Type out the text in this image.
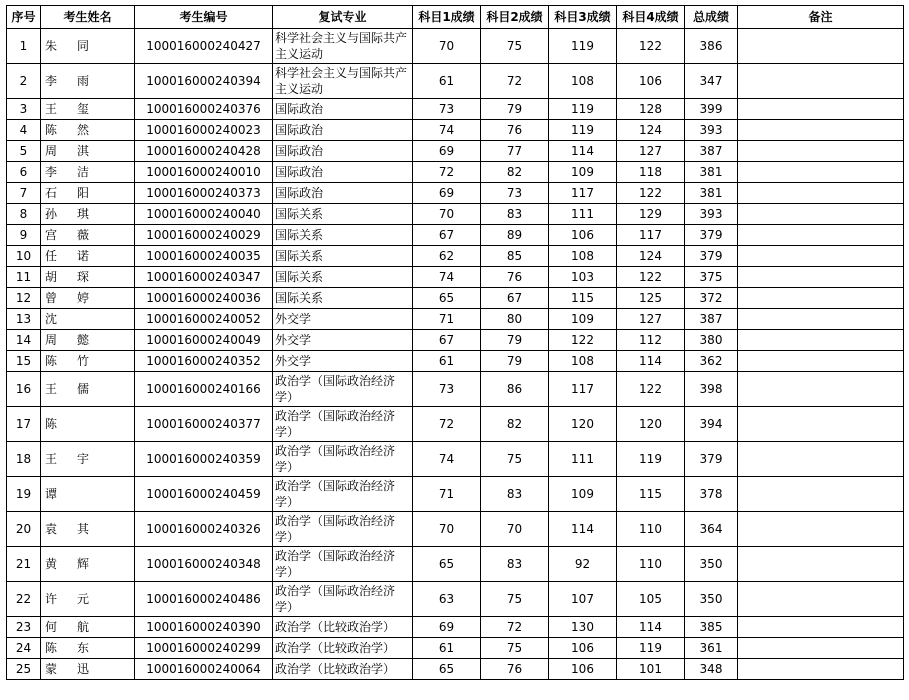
序号	考生姓名	考生编号	复试专业	科目1成绩	科目2成绩	科目3成绩	科目4成绩	总成绩	备注
1	朱 同	100016000240427	科学社会主义与国际共产主义运动	70	75	119	122	386	
2	李 雨	100016000240394	科学社会主义与国际共产主义运动	61	72	108	106	347	
3	王 玺	100016000240376	国际政治	73	79	119	128	399	
4	陈 然	100016000240023	国际政治	74	76	119	124	393	
5	周 淇	100016000240428	国际政治	69	77	114	127	387	
6	李 洁	100016000240010	国际政治	72	82	109	118	381	
7	石 阳	100016000240373	国际政治	69	73	117	122	381	
8	孙 琪	100016000240040	国际关系	70	83	111	129	393	
9	宫 薇	100016000240029	国际关系	67	89	106	117	379	
10	任 诺	100016000240035	国际关系	62	85	108	124	379	
11	胡 琛	100016000240347	国际关系	74	76	103	122	375	
12	曾 婷	100016000240036	国际关系	65	67	115	125	372	
13	沈	100016000240052	外交学	71	80	109	127	387	
14	周 懿	100016000240049	外交学	67	79	122	112	380	
15	陈 竹	100016000240352	外交学	61	79	108	114	362	
16	王 儒	100016000240166	政治学（国际政治经济学）	73	86	117	122	398	
17	陈	100016000240377	政治学（国际政治经济学）	72	82	120	120	394	
18	王 宇	100016000240359	政治学（国际政治经济学）	74	75	111	119	379	
19	谭	100016000240459	政治学（国际政治经济学）	71	83	109	115	378	
20	袁 其	100016000240326	政治学（国际政治经济学）	70	70	114	110	364	
21	黄 辉	100016000240348	政治学（国际政治经济学）	65	83	92	110	350	
22	许 元	100016000240486	政治学（国际政治经济学）	63	75	107	105	350	
23	何 航	100016000240390	政治学（比较政治学）	69	72	130	114	385	
24	陈 东	100016000240299	政治学（比较政治学）	61	75	106	119	361	
25	蒙 迅	100016000240064	政治学（比较政治学）	65	76	106	101	348	
